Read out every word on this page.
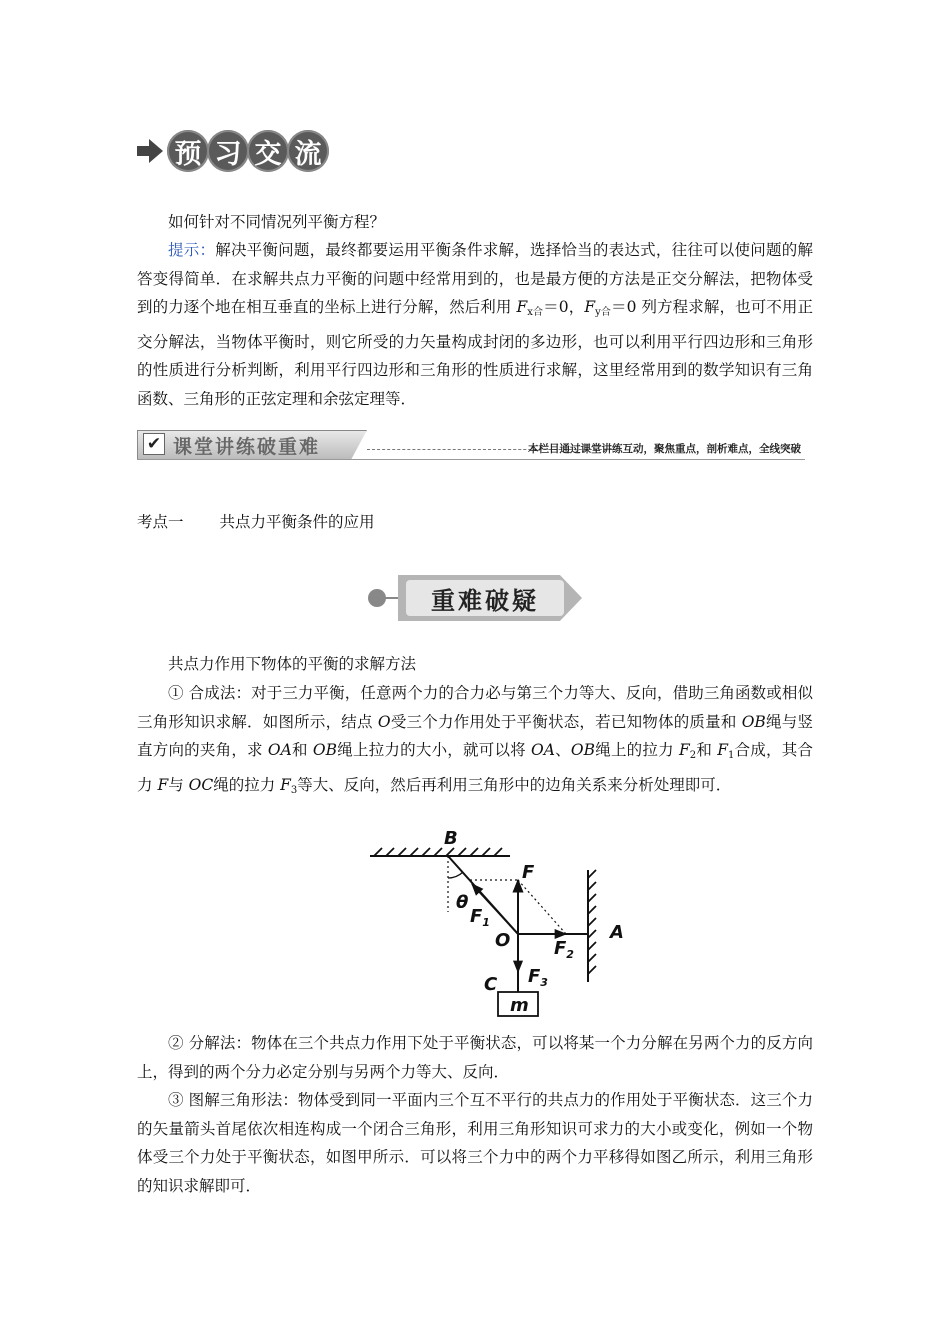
预 习 交 流

如何针对不同情况列平衡方程？

提示：解决平衡问题，最终都要运用平衡条件求解，选择恰当的表达式，往往可以使问题的解答变得简单．在求解共点力平衡的问题中经常用到的，也是最方便的方法是正交分解法，把物体受到的力逐个地在相互垂直的坐标上进行分解，然后利用 $F_{x合}=0$，$F_{y合}=0$ 列方程求解，也可不用正交分解法，当物体平衡时，则它所受的力矢量构成封闭的多边形，也可以利用平行四边形和三角形的性质进行分析判断，利用平行四边形和三角形的性质进行求解，这里经常用到的数学知识有三角函数、三角形的正弦定理和余弦定理等．

✔ 课堂讲练破重难	本栏目通过课堂讲练互动，聚焦重点，剖析难点，全线突破
考点一 共点力平衡条件的应用
重难破疑

共点力作用下物体的平衡的求解方法

① 合成法：对于三力平衡，任意两个力的合力必与第三个力等大、反向，借助三角函数或相似三角形知识求解．如图所示，结点 O受三个力作用处于平衡状态，若已知物体的质量和 OB绳与竖直方向的夹角，求 OA和 OB绳上拉力的大小，就可以将 OA、OB绳上的拉力 $F_2$和 $F_1$合成，其合力 F与 OC绳的拉力 $F_3$等大、反向，然后再利用三角形中的边角关系来分析处理即可．

B
F
θ
$F_1$
O $F_2$
A
C $F_3$
m

② 分解法：物体在三个共点力作用下处于平衡状态，可以将某一个力分解在另两个力的反方向上，得到的两个分力必定分别与另两个力等大、反向．

③ 图解三角形法：物体受到同一平面内三个互不平行的共点力的作用处于平衡状态．这三个力的矢量箭头首尾依次相连构成一个闭合三角形，利用三角形知识可求力的大小或变化，例如一个物体受三个力处于平衡状态，如图甲所示．可以将三个力中的两个力平移得如图乙所示，利用三角形的知识求解即可．
